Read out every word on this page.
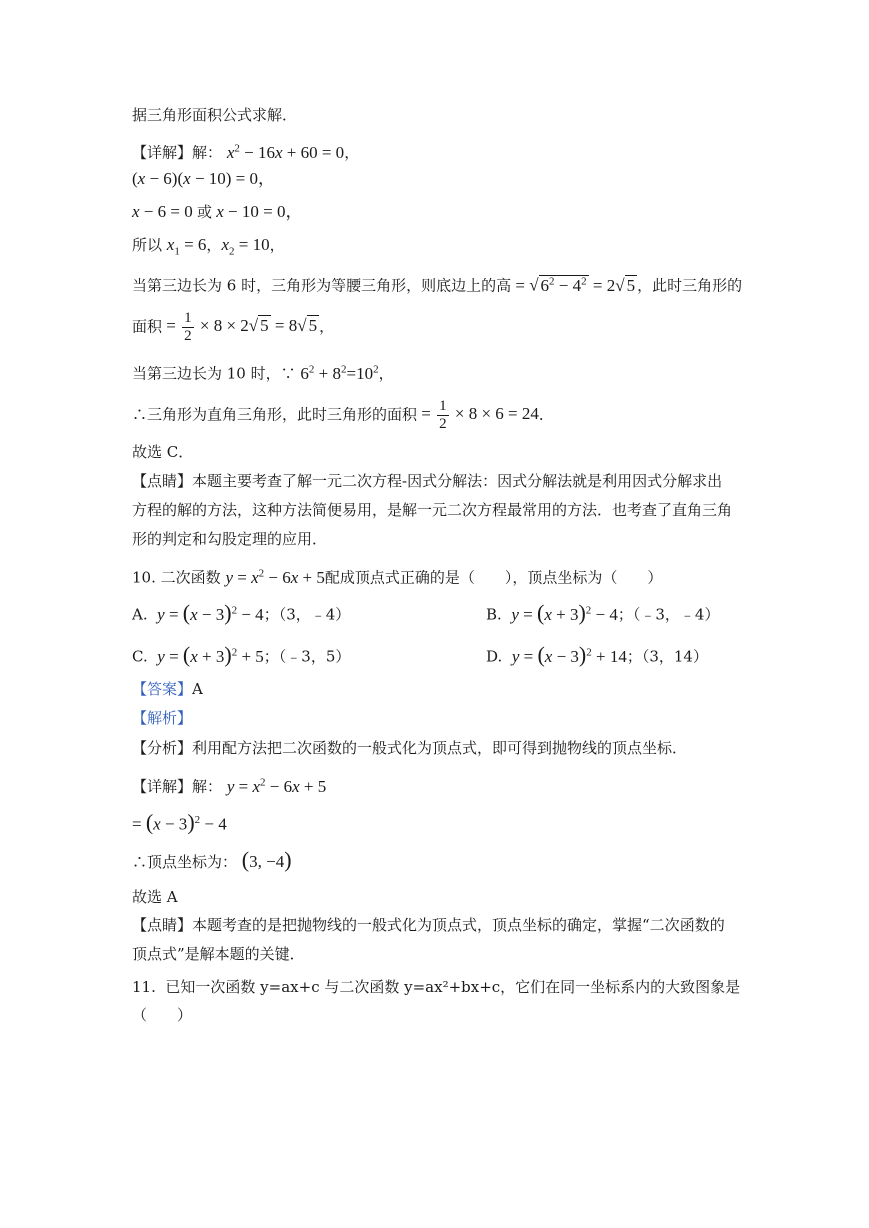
据三角形面积公式求解．
【详解】解： $x^2 - 16x + 60 = 0$，
(x − 6)(x − 10) = 0，
x − 6 = 0 或 x − 10 = 0，
所以 $x_1 = 6$，$x_2 = 10$，
当第三边长为 6 时，三角形为等腰三角形，则底边上的高 = √ $6^2 - 4^2 = 2√$ 5 ，此时三角形的
面积 = $\frac{1}{2} \times 8 \times 2√$ 5 = 8√ 5 ，
当第三边长为 10 时，∵ $6^2 + 8^2=10^2$，
∴三角形为直角三角形，此时三角形的面积 = $\frac{1}{2} \times 8 \times 6 = 24$．
故选 C．
【点睛】本题主要考查了解一元二次方程-因式分解法：因式分解法就是利用因式分解求出
方程的解的方法，这种方法简便易用，是解一元二次方程最常用的方法．也考查了直角三角
形的判定和勾股定理的应用．
10. 二次函数 $y = x^2 - 6x + 5$配成顶点式正确的是（　　），顶点坐标为（　　）
A. $y = (x - 3)^2 - 4$；（3，﹣4）	B. $y = (x + 3)^2 - 4$；（﹣3，﹣4）
C. $y = (x + 3)^2 + 5$；（﹣3，5）	D. $y = (x - 3)^2 + 14$；（3，14）
【答案】A
【解析】
【分析】利用配方法把二次函数的一般式化为顶点式，即可得到抛物线的顶点坐标．
【详解】解： $y = x^2 - 6x + 5$
= $(x - 3)^2 - 4$
∴顶点坐标为： (3, −4)
故选 A
【点睛】本题考查的是把抛物线的一般式化为顶点式，顶点坐标的确定，掌握“二次函数的
顶点式”是解本题的关键．
11. 已知一次函数 y=ax+c 与二次函数 y=ax²+bx+c，它们在同一坐标系内的大致图象是
（　　）
